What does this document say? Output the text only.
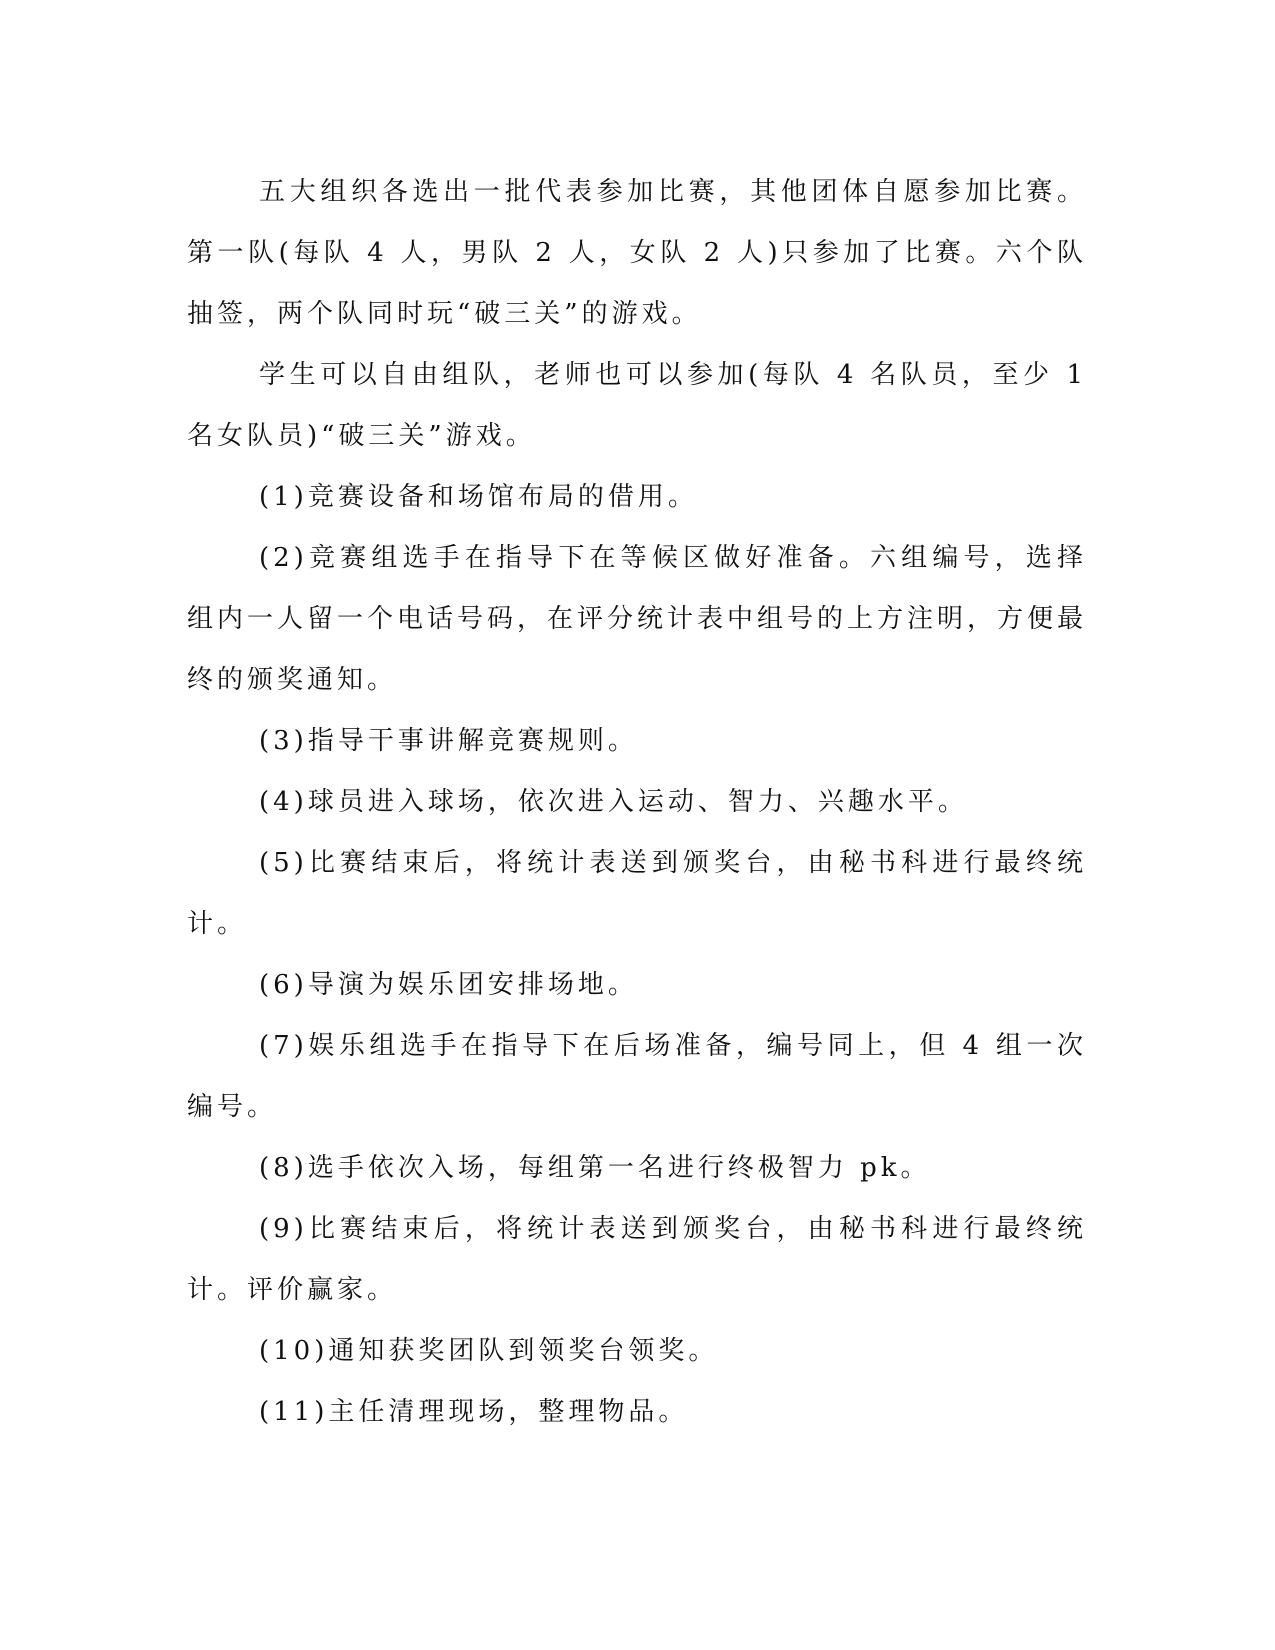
五大组织各选出一批代表参加比赛，其他团体自愿参加比赛。第一队(每队 4 人，男队 2 人，女队 2 人)只参加了比赛。六个队抽签，两个队同时玩“破三关”的游戏。

学生可以自由组队，老师也可以参加(每队 4 名队员，至少 1 名女队员)“破三关”游戏。

(1)竞赛设备和场馆布局的借用。

(2)竞赛组选手在指导下在等候区做好准备。六组编号，选择组内一人留一个电话号码，在评分统计表中组号的上方注明，方便最终的颁奖通知。

(3)指导干事讲解竞赛规则。

(4)球员进入球场，依次进入运动、智力、兴趣水平。

(5)比赛结束后，将统计表送到颁奖台，由秘书科进行最终统计。

(6)导演为娱乐团安排场地。

(7)娱乐组选手在指导下在后场准备，编号同上，但 4 组一次编号。

(8)选手依次入场，每组第一名进行终极智力 pk。

(9)比赛结束后，将统计表送到颁奖台，由秘书科进行最终统计。评价赢家。

(10)通知获奖团队到领奖台领奖。

(11)主任清理现场，整理物品。
